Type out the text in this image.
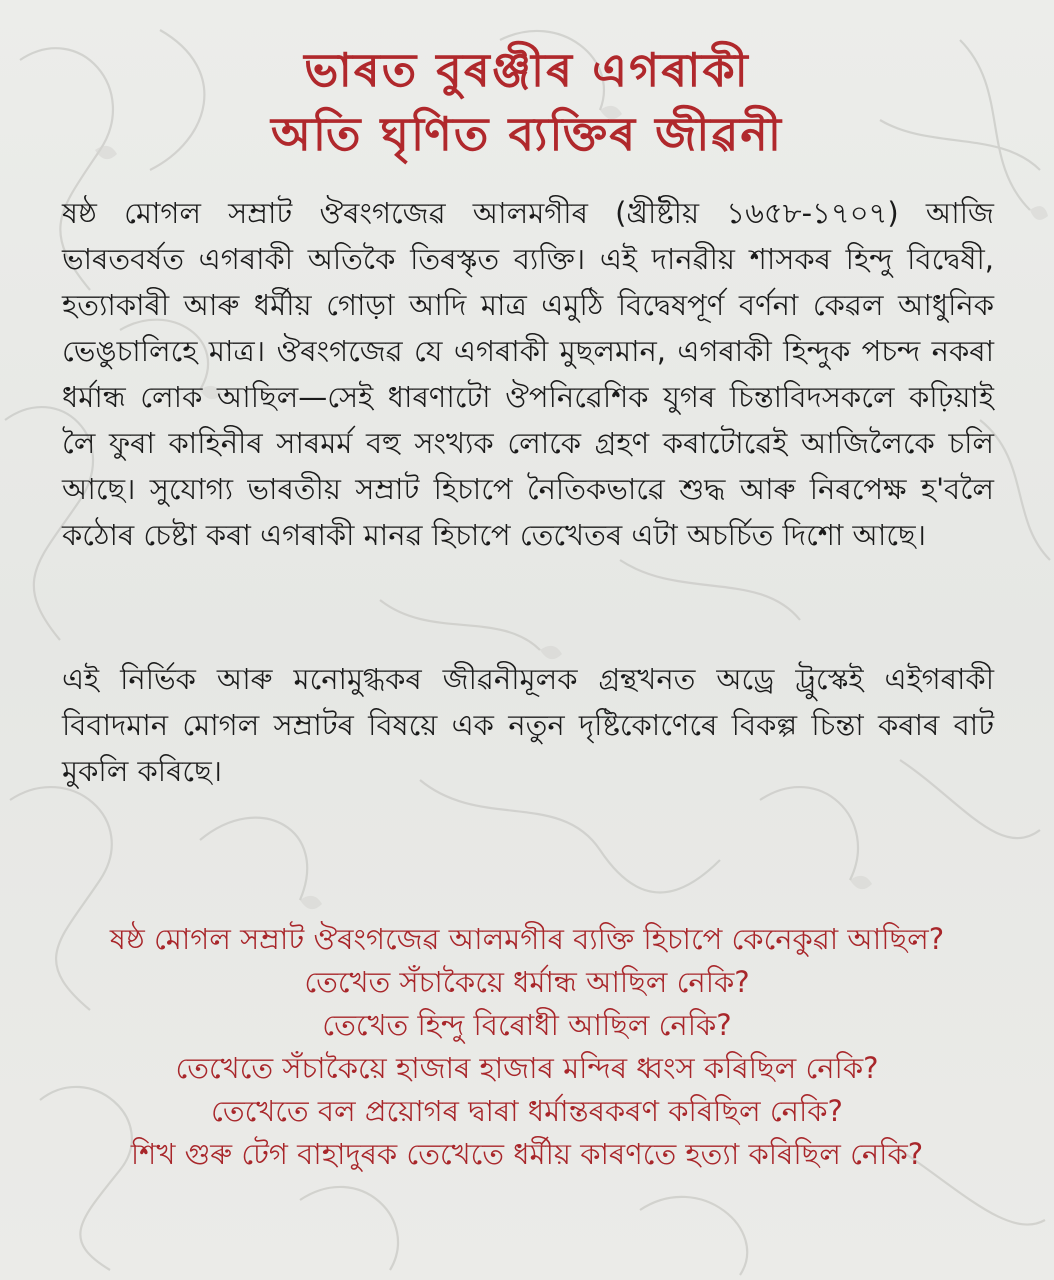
ভাৰত বুৰঞ্জীৰ এগৰাকী
অতি ঘৃণিত ব্যক্তিৰ জীৱনী
ষষ্ঠ মোগল সম্ৰাট ঔৰংগজেৱ আলমগীৰ (খ্ৰীষ্টীয় ১৬৫৮-১৭০৭) আজি ভাৰতবৰ্ষত এগৰাকী অতিকৈ তিৰস্কৃত ব্যক্তি। এই দানৱীয় শাসকৰ হিন্দু বিদ্বেষী, হত্যাকাৰী আৰু ধৰ্মীয় গোড়া আদি মাত্ৰ এমুঠি বিদ্বেষপূৰ্ণ বৰ্ণনা কেৱল আধুনিক ভেঙুচালিহে মাত্ৰ। ঔৰংগজেৱ যে এগৰাকী মুছলমান, এগৰাকী হিন্দুক পচন্দ নকৰা ধৰ্মান্ধ লোক আছিল—সেই ধাৰণাটো ঔপনিৱেশিক যুগৰ চিন্তাবিদসকলে কঢ়িয়াই লৈ ফুৰা কাহিনীৰ সাৰমৰ্ম বহু সংখ্যক লোকে গ্ৰহণ কৰাটোৱেই আজিলৈকে চলি আছে। সুযোগ্য ভাৰতীয় সম্ৰাট হিচাপে নৈতিকভাৱে শুদ্ধ আৰু নিৰপেক্ষ হ'বলৈ কঠোৰ চেষ্টা কৰা এগৰাকী মানৱ হিচাপে তেখেতৰ এটা অচৰ্চিত দিশো আছে।
এই নিৰ্ভিক আৰু মনোমুগ্ধকৰ জীৱনীমূলক গ্ৰন্থখনত অড্ৰে ট্ৰুস্কেই এইগৰাকী বিবাদমান মোগল সম্ৰাটৰ বিষয়ে এক নতুন দৃষ্টিকোণেৰে বিকল্প চিন্তা কৰাৰ বাট মুকলি কৰিছে।
ষষ্ঠ মোগল সম্ৰাট ঔৰংগজেৱ আলমগীৰ ব্যক্তি হিচাপে কেনেকুৱা আছিল?
তেখেত সঁচাকৈয়ে ধৰ্মান্ধ আছিল নেকি?
তেখেত হিন্দু বিৰোধী আছিল নেকি?
তেখেতে সঁচাকৈয়ে হাজাৰ হাজাৰ মন্দিৰ ধ্বংস কৰিছিল নেকি?
তেখেতে বল প্ৰয়োগৰ দ্বাৰা ধৰ্মান্তৰকৰণ কৰিছিল নেকি?
শিখ গুৰু টেগ বাহাদুৰক তেখেতে ধৰ্মীয় কাৰণতে হত্যা কৰিছিল নেকি?
